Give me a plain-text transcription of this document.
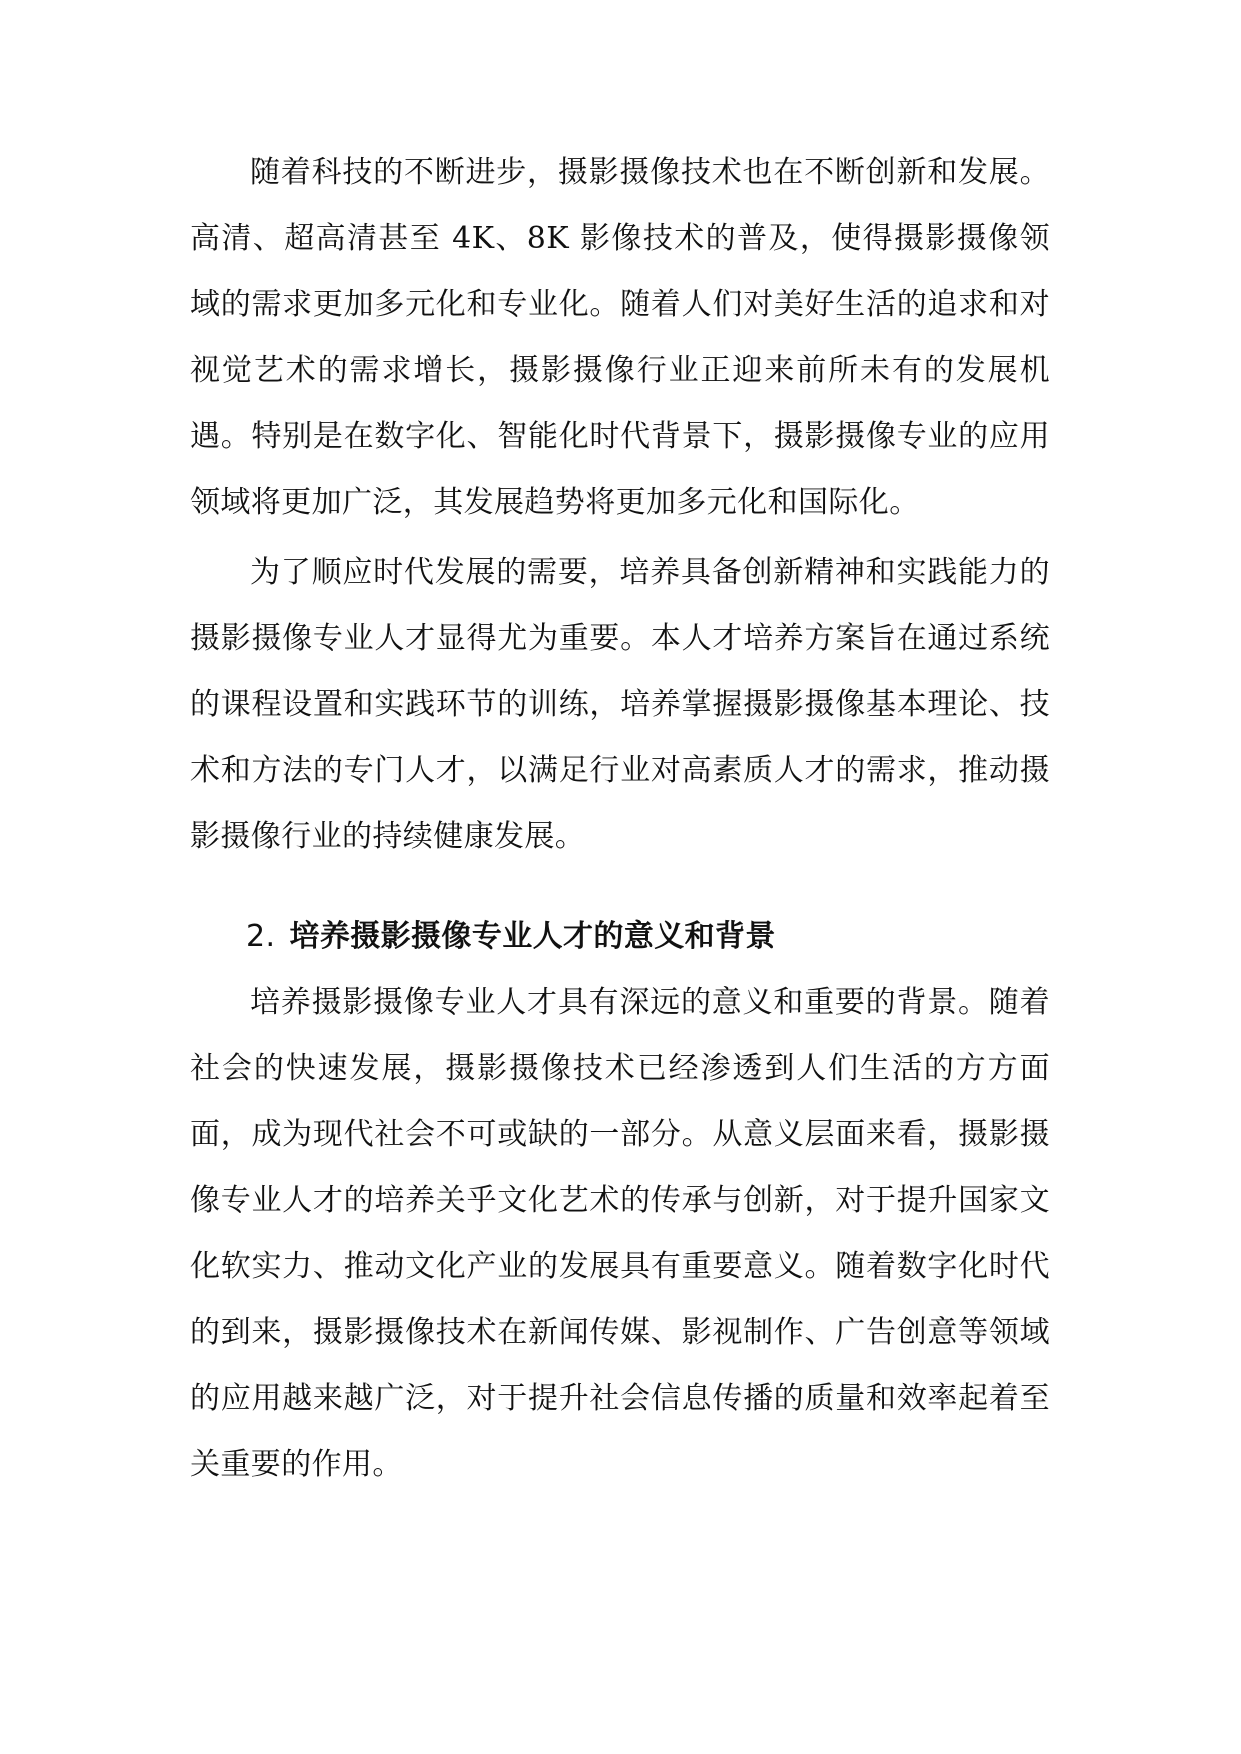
随着科技的不断进步，摄影摄像技术也在不断创新和发展。高清、超高清甚至 4K、8K 影像技术的普及，使得摄影摄像领域的需求更加多元化和专业化。随着人们对美好生活的追求和对视觉艺术的需求增长，摄影摄像行业正迎来前所未有的发展机遇。特别是在数字化、智能化时代背景下，摄影摄像专业的应用领域将更加广泛，其发展趋势将更加多元化和国际化。

为了顺应时代发展的需要，培养具备创新精神和实践能力的摄影摄像专业人才显得尤为重要。本人才培养方案旨在通过系统的课程设置和实践环节的训练，培养掌握摄影摄像基本理论、技术和方法的专门人才，以满足行业对高素质人才的需求，推动摄影摄像行业的持续健康发展。

2. 培养摄影摄像专业人才的意义和背景

培养摄影摄像专业人才具有深远的意义和重要的背景。随着社会的快速发展，摄影摄像技术已经渗透到人们生活的方方面面，成为现代社会不可或缺的一部分。从意义层面来看，摄影摄像专业人才的培养关乎文化艺术的传承与创新，对于提升国家文化软实力、推动文化产业的发展具有重要意义。随着数字化时代的到来，摄影摄像技术在新闻传媒、影视制作、广告创意等领域的应用越来越广泛，对于提升社会信息传播的质量和效率起着至关重要的作用。
